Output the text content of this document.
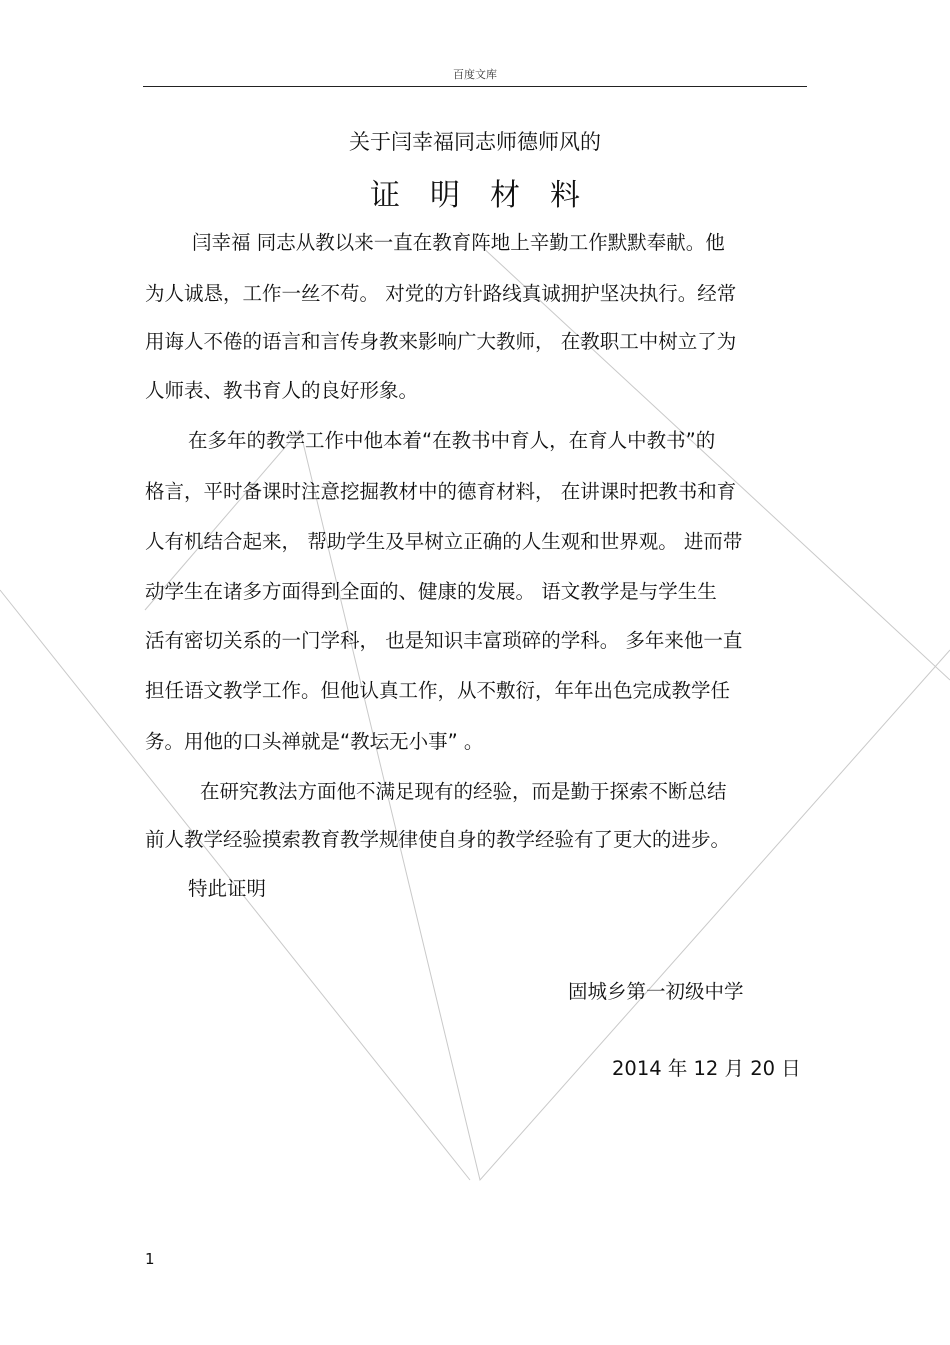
百度文库
关于闫幸福同志师德师风的
证明材料
闫幸福 同志从教以来一直在教育阵地上辛勤工作默默奉献。他
为人诚恳，工作一丝不苟。 对党的方针路线真诚拥护坚决执行。经常
用诲人不倦的语言和言传身教来影响广大教师， 在教职工中树立了为
人师表、教书育人的良好形象。
在多年的教学工作中他本着“在教书中育人，在育人中教书”的
格言，平时备课时注意挖掘教材中的德育材料， 在讲课时把教书和育
人有机结合起来， 帮助学生及早树立正确的人生观和世界观。 进而带
动学生在诸多方面得到全面的、健康的发展。 语文教学是与学生生
活有密切关系的一门学科， 也是知识丰富琐碎的学科。 多年来他一直
担任语文教学工作。但他认真工作，从不敷衍，年年出色完成教学任
务。用他的口头禅就是“教坛无小事” 。
在研究教法方面他不满足现有的经验，而是勤于探索不断总结
前人教学经验摸索教育教学规律使自身的教学经验有了更大的进步。
特此证明
固城乡第一初级中学
2014 年 12 月 20 日
1
